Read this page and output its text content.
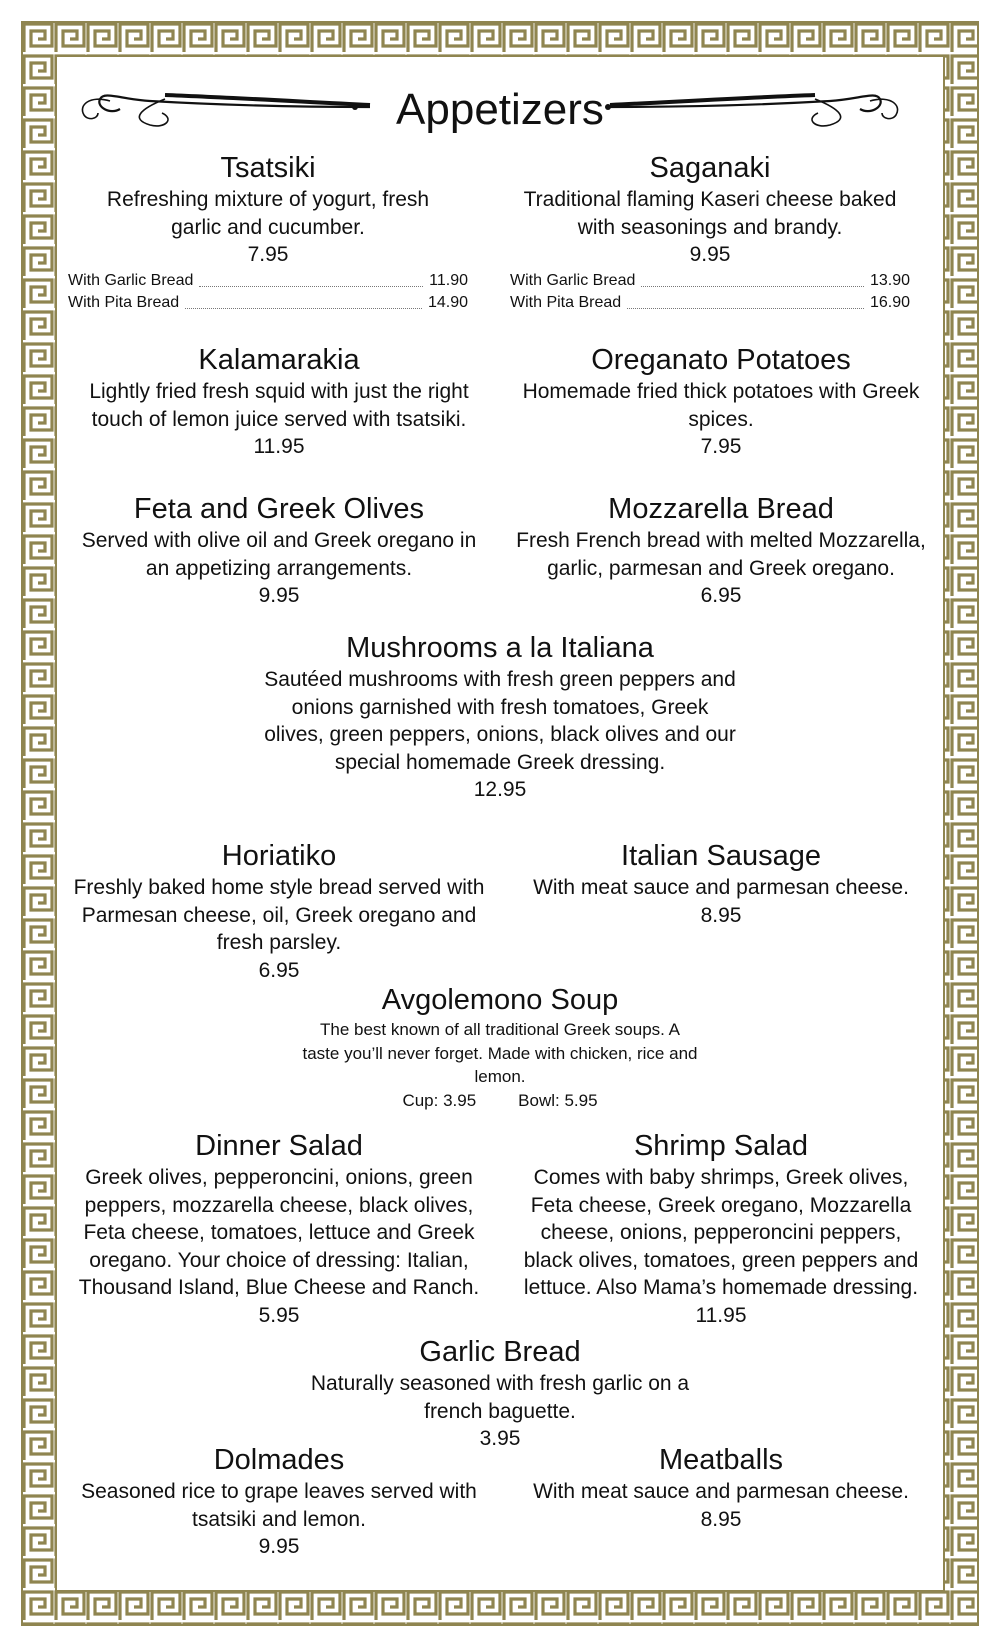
Appetizers
Tsatsiki
Refreshing mixture of yogurt, fresh garlic and cucumber.
7.95
With Garlic Bread	11.90
With Pita Bread	14.90
Saganaki
Traditional flaming Kaseri cheese baked with seasonings and brandy.
9.95
With Garlic Bread	13.90
With Pita Bread	16.90
Kalamarakia
Lightly fried fresh squid with just the right touch of lemon juice served with tsatsiki.
11.95
Oreganato Potatoes
Homemade fried thick potatoes with Greek spices.
7.95
Feta and Greek Olives
Served with olive oil and Greek oregano in an appetizing arrangements.
9.95
Mozzarella Bread
Fresh French bread with melted Mozzarella, garlic, parmesan and Greek oregano.
6.95
Mushrooms a la Italiana
Sautéed mushrooms with fresh green peppers and onions garnished with fresh tomatoes, Greek olives, green peppers, onions, black olives and our special homemade Greek dressing.
12.95
Horiatiko
Freshly baked home style bread served with Parmesan cheese, oil, Greek oregano and fresh parsley.
6.95
Italian Sausage
With meat sauce and parmesan cheese.
8.95
Avgolemono Soup
The best known of all traditional Greek soups. A taste you’ll never forget. Made with chicken, rice and lemon.
Cup: 3.95 Bowl: 5.95
Dinner Salad
Greek olives, pepperoncini, onions, green peppers, mozzarella cheese, black olives, Feta cheese, tomatoes, lettuce and Greek oregano. Your choice of dressing: Italian, Thousand Island, Blue Cheese and Ranch.
5.95
Shrimp Salad
Comes with baby shrimps, Greek olives, Feta cheese, Greek oregano, Mozzarella cheese, onions, pepperoncini peppers, black olives, tomatoes, green peppers and lettuce. Also Mama’s homemade dressing.
11.95
Garlic Bread
Naturally seasoned with fresh garlic on a french baguette.
3.95
Dolmades
Seasoned rice to grape leaves served with tsatsiki and lemon.
9.95
Meatballs
With meat sauce and parmesan cheese.
8.95
